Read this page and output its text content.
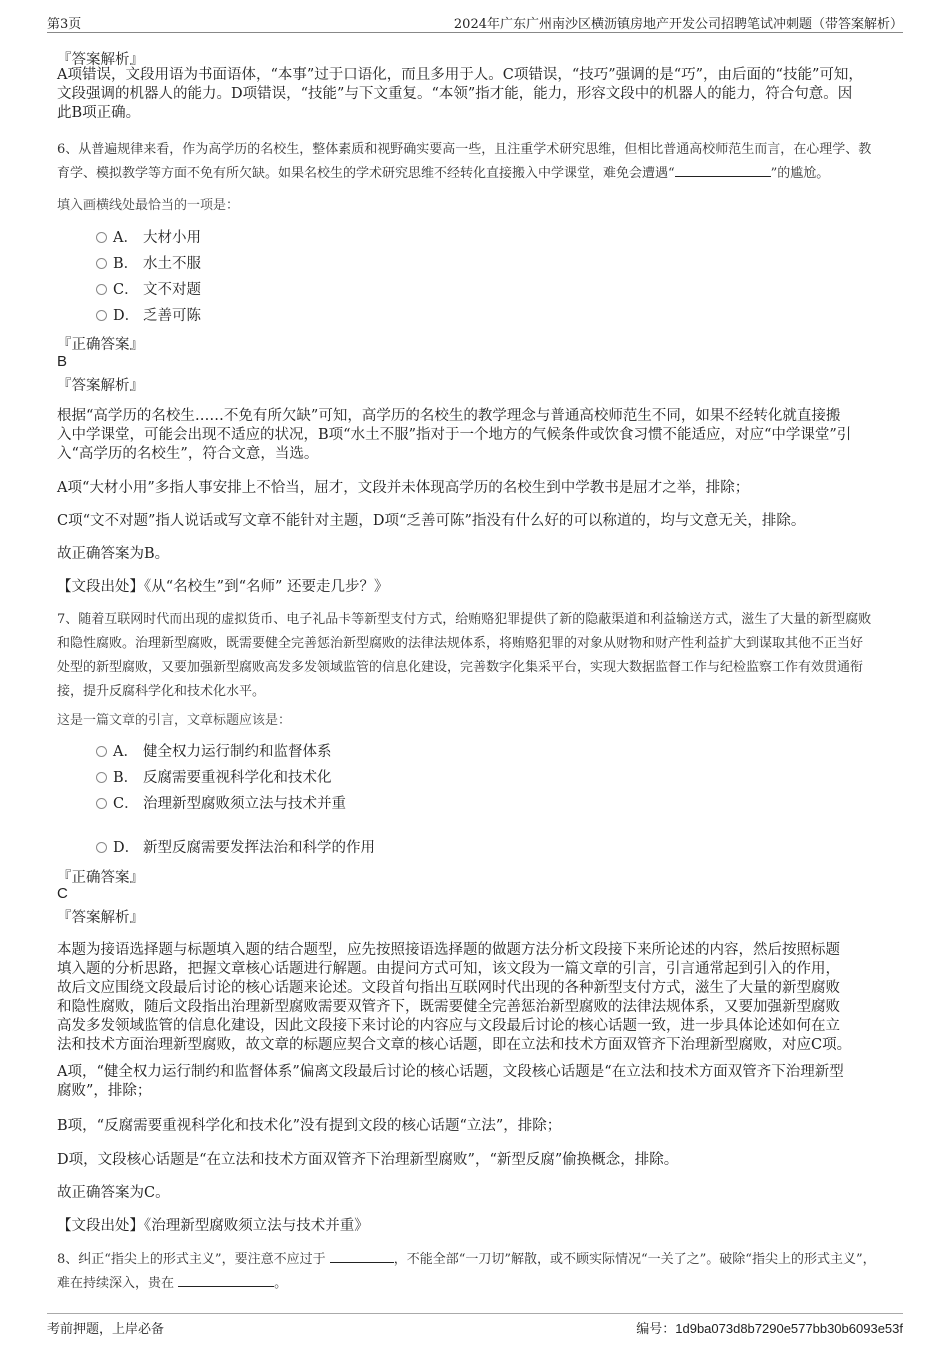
第3页	2024年广东广州南沙区横沥镇房地产开发公司招聘笔试冲刺题（带答案解析）
『答案解析』
A项错误，文段用语为书面语体，“本事”过于口语化，而且多用于人。C项错误，“技巧”强调的是“巧”，由后面的“技能”可知，
文段强调的机器人的能力。D项错误，“技能”与下文重复。“本领”指才能，能力，形容文段中的机器人的能力，符合句意。因
此B项正确。
6、从普遍规律来看，作为高学历的名校生，整体素质和视野确实要高一些，且注重学术研究思维，但相比普通高校师范生而言，在心理学、教
育学、模拟教学等方面不免有所欠缺。如果名校生的学术研究思维不经转化直接搬入中学课堂，难免会遭遇“	”的尴尬。
填入画横线处最恰当的一项是：
A． 大材小用
B． 水土不服
C． 文不对题
D． 乏善可陈
『正确答案』
B
『答案解析』
根据“高学历的名校生……不免有所欠缺”可知，高学历的名校生的教学理念与普通高校师范生不同，如果不经转化就直接搬
入中学课堂，可能会出现不适应的状况，B项“水土不服”指对于一个地方的气候条件或饮食习惯不能适应，对应“中学课堂”引
入“高学历的名校生”，符合文意，当选。
A项“大材小用”多指人事安排上不恰当，屈才，文段并未体现高学历的名校生到中学教书是屈才之举，排除；
C项“文不对题”指人说话或写文章不能针对主题，D项“乏善可陈”指没有什么好的可以称道的，均与文意无关，排除。
故正确答案为B。
【文段出处】《从“名校生”到“名师” 还要走几步？》
7、随着互联网时代而出现的虚拟货币、电子礼品卡等新型支付方式，给贿赂犯罪提供了新的隐蔽渠道和利益输送方式，滋生了大量的新型腐败
和隐性腐败。治理新型腐败，既需要健全完善惩治新型腐败的法律法规体系，将贿赂犯罪的对象从财物和财产性利益扩大到谋取其他不正当好
处型的新型腐败，又要加强新型腐败高发多发领域监管的信息化建设，完善数字化集采平台，实现大数据监督工作与纪检监察工作有效贯通衔
接，提升反腐科学化和技术化水平。
这是一篇文章的引言，文章标题应该是：
A． 健全权力运行制约和监督体系
B． 反腐需要重视科学化和技术化
C． 治理新型腐败须立法与技术并重
D． 新型反腐需要发挥法治和科学的作用
『正确答案』
C
『答案解析』
本题为接语选择题与标题填入题的结合题型，应先按照接语选择题的做题方法分析文段接下来所论述的内容，然后按照标题
填入题的分析思路，把握文章核心话题进行解题。由提问方式可知，该文段为一篇文章的引言，引言通常起到引入的作用，
故后文应围绕文段最后讨论的核心话题来论述。文段首句指出互联网时代出现的各种新型支付方式，滋生了大量的新型腐败
和隐性腐败，随后文段指出治理新型腐败需要双管齐下，既需要健全完善惩治新型腐败的法律法规体系，又要加强新型腐败
高发多发领域监管的信息化建设，因此文段接下来讨论的内容应与文段最后讨论的核心话题一致，进一步具体论述如何在立
法和技术方面治理新型腐败，故文章的标题应契合文章的核心话题，即在立法和技术方面双管齐下治理新型腐败，对应C项。
A项，“健全权力运行制约和监督体系”偏离文段最后讨论的核心话题，文段核心话题是“在立法和技术方面双管齐下治理新型
腐败”，排除；
B项，“反腐需要重视科学化和技术化”没有提到文段的核心话题“立法”，排除；
D项，文段核心话题是“在立法和技术方面双管齐下治理新型腐败”，“新型反腐”偷换概念，排除。
故正确答案为C。
【文段出处】《治理新型腐败须立法与技术并重》
8、纠正“指尖上的形式主义”，要注意不应过于	，不能全部“一刀切”解散，或不顾实际情况“一关了之”。破除“指尖上的形式主义”，
难在持续深入，贵在	。
考前押题，上岸必备	编号：1d9ba073d8b7290e577bb30b6093e53f
